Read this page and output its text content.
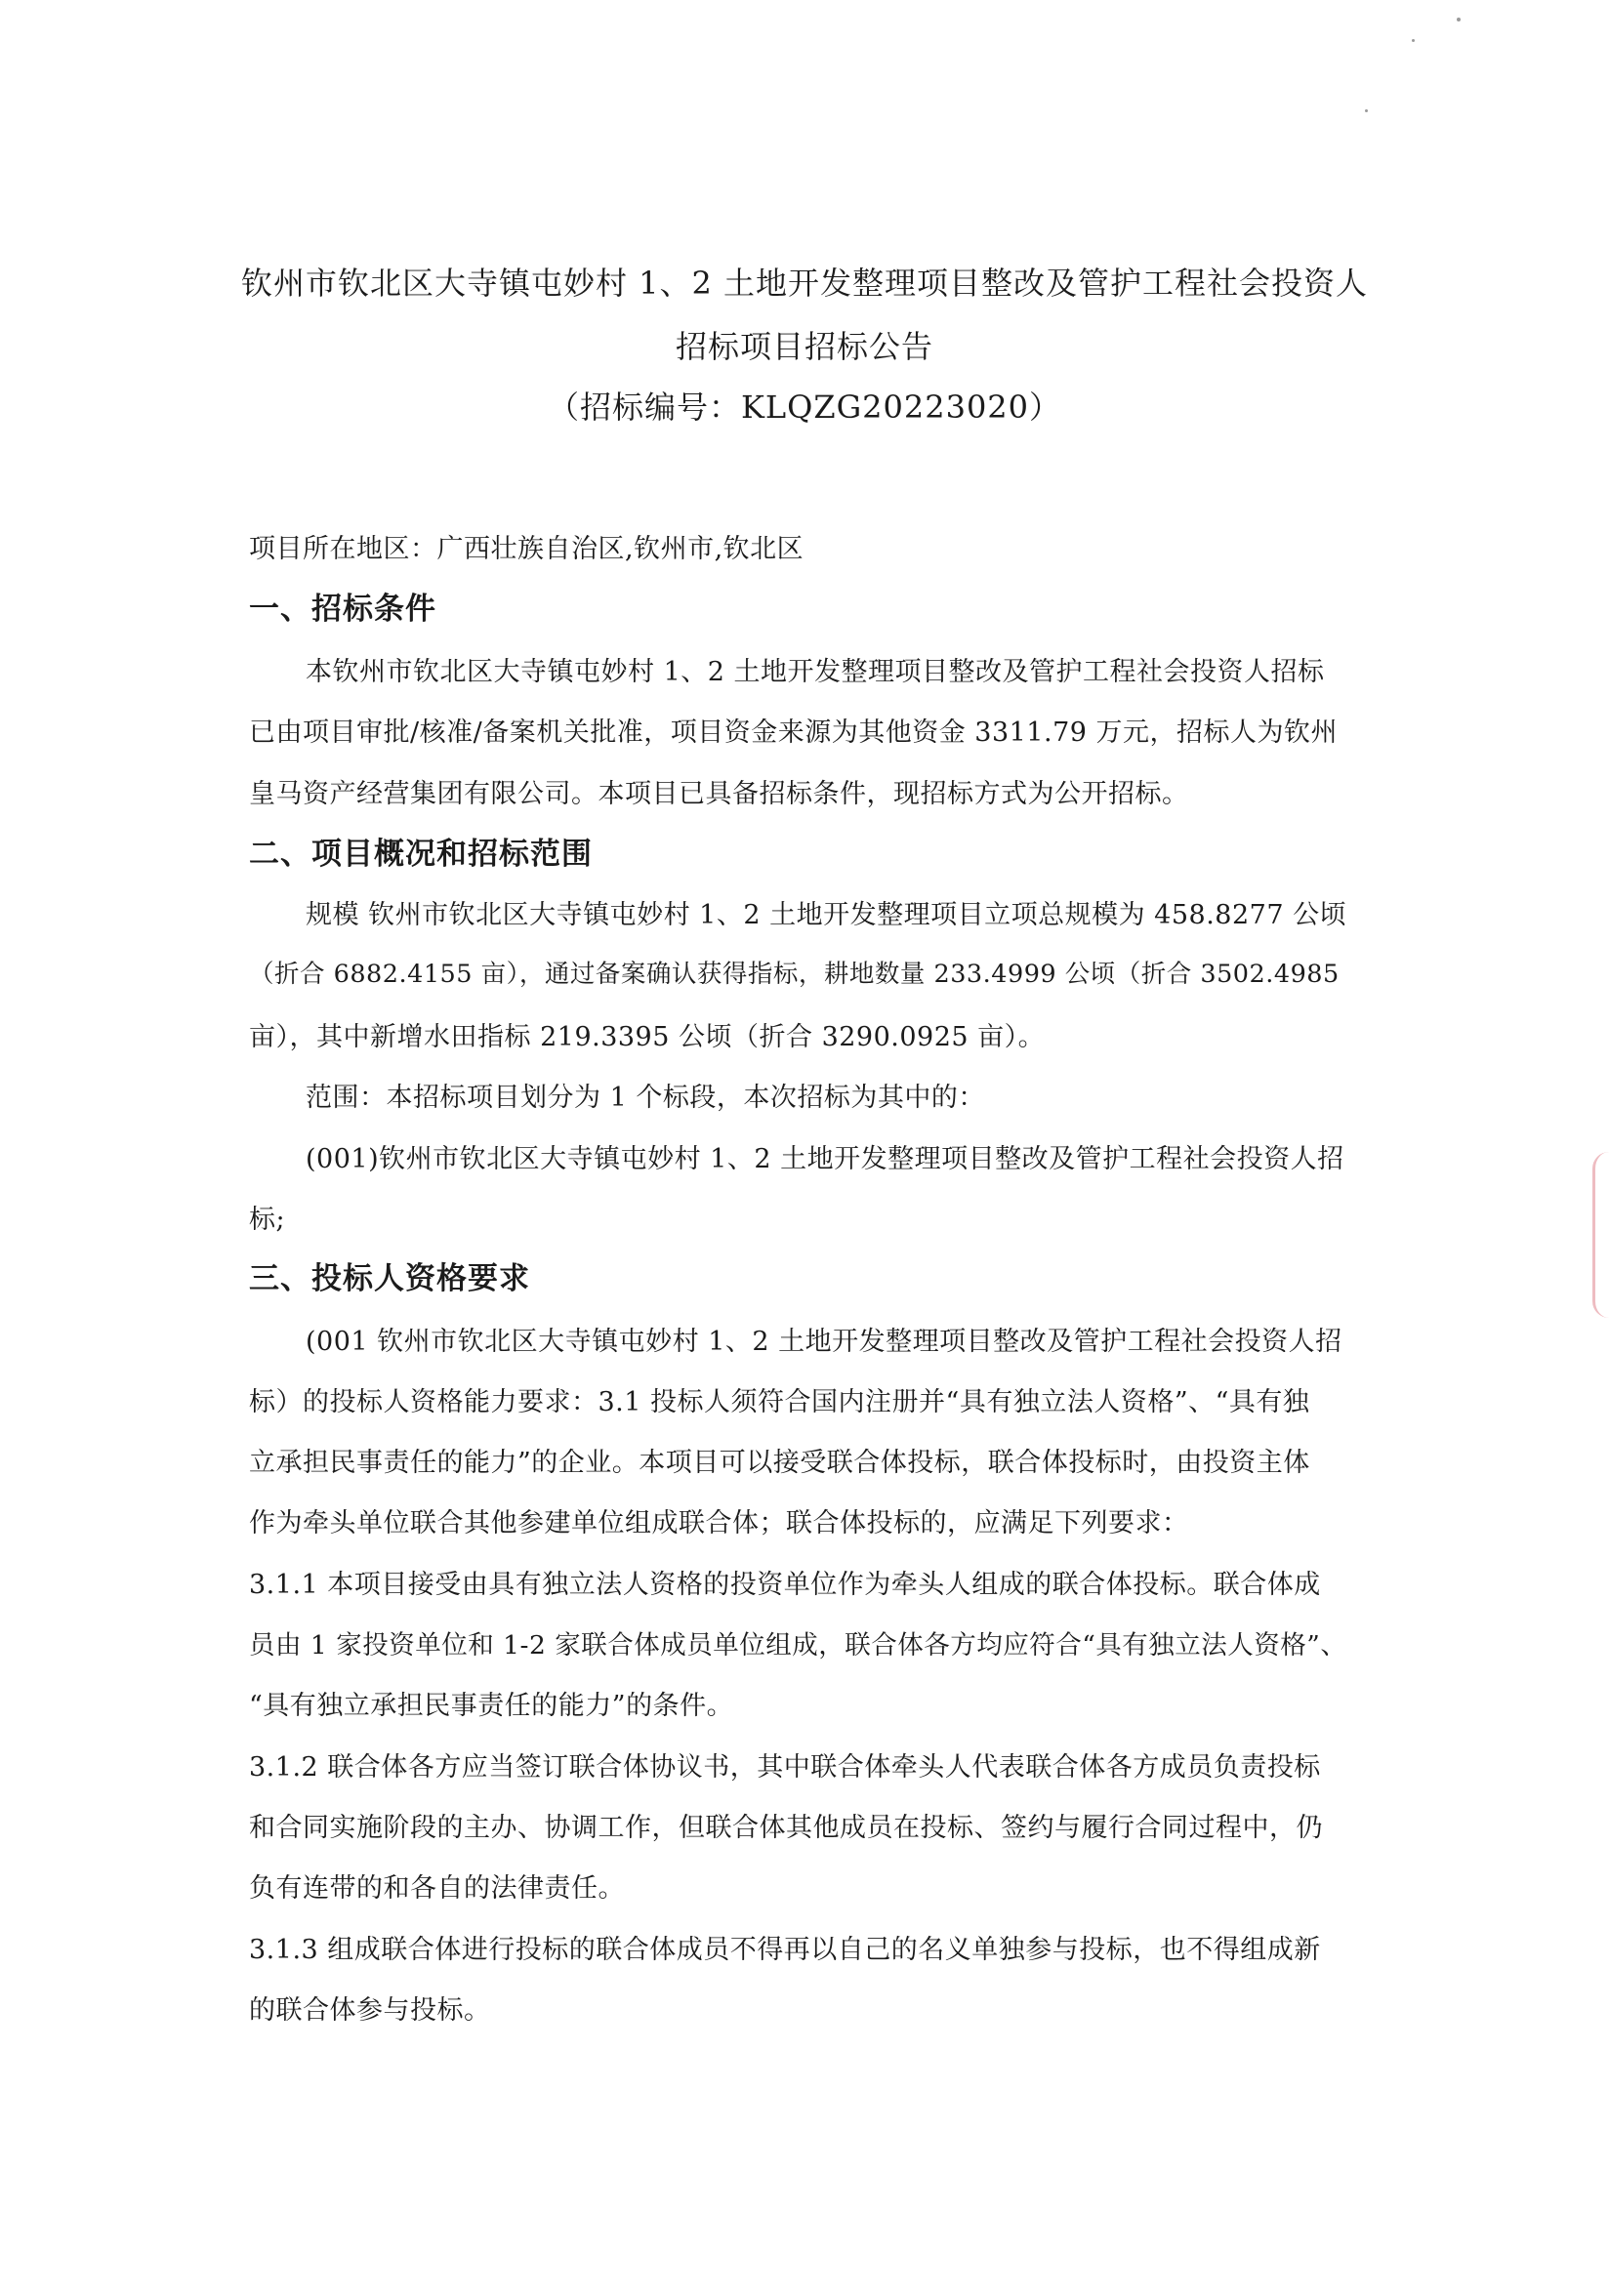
钦州市钦北区大寺镇屯妙村 1、2 土地开发整理项目整改及管护工程社会投资人
招标项目招标公告
（招标编号：KLQZG20223020）
项目所在地区：广西壮族自治区,钦州市,钦北区
一、招标条件
本钦州市钦北区大寺镇屯妙村 1、2 土地开发整理项目整改及管护工程社会投资人招标
已由项目审批/核准/备案机关批准，项目资金来源为其他资金 3311.79 万元，招标人为钦州
皇马资产经营集团有限公司。本项目已具备招标条件，现招标方式为公开招标。
二、项目概况和招标范围
规模 钦州市钦北区大寺镇屯妙村 1、2 土地开发整理项目立项总规模为 458.8277 公顷
（折合 6882.4155 亩），通过备案确认获得指标，耕地数量 233.4999 公顷（折合 3502.4985
亩），其中新增水田指标 219.3395 公顷（折合 3290.0925 亩）。
范围：本招标项目划分为 1 个标段，本次招标为其中的：
(001)钦州市钦北区大寺镇屯妙村 1、2 土地开发整理项目整改及管护工程社会投资人招
标;
三、投标人资格要求
(001 钦州市钦北区大寺镇屯妙村 1、2 土地开发整理项目整改及管护工程社会投资人招
标）的投标人资格能力要求：3.1 投标人须符合国内注册并“具有独立法人资格”、“具有独
立承担民事责任的能力”的企业。本项目可以接受联合体投标，联合体投标时，由投资主体
作为牵头单位联合其他参建单位组成联合体；联合体投标的，应满足下列要求：
3.1.1 本项目接受由具有独立法人资格的投资单位作为牵头人组成的联合体投标。联合体成
员由 1 家投资单位和 1-2 家联合体成员单位组成，联合体各方均应符合“具有独立法人资格”、
“具有独立承担民事责任的能力”的条件。
3.1.2 联合体各方应当签订联合体协议书，其中联合体牵头人代表联合体各方成员负责投标
和合同实施阶段的主办、协调工作，但联合体其他成员在投标、签约与履行合同过程中，仍
负有连带的和各自的法律责任。
3.1.3 组成联合体进行投标的联合体成员不得再以自己的名义单独参与投标，也不得组成新
的联合体参与投标。
